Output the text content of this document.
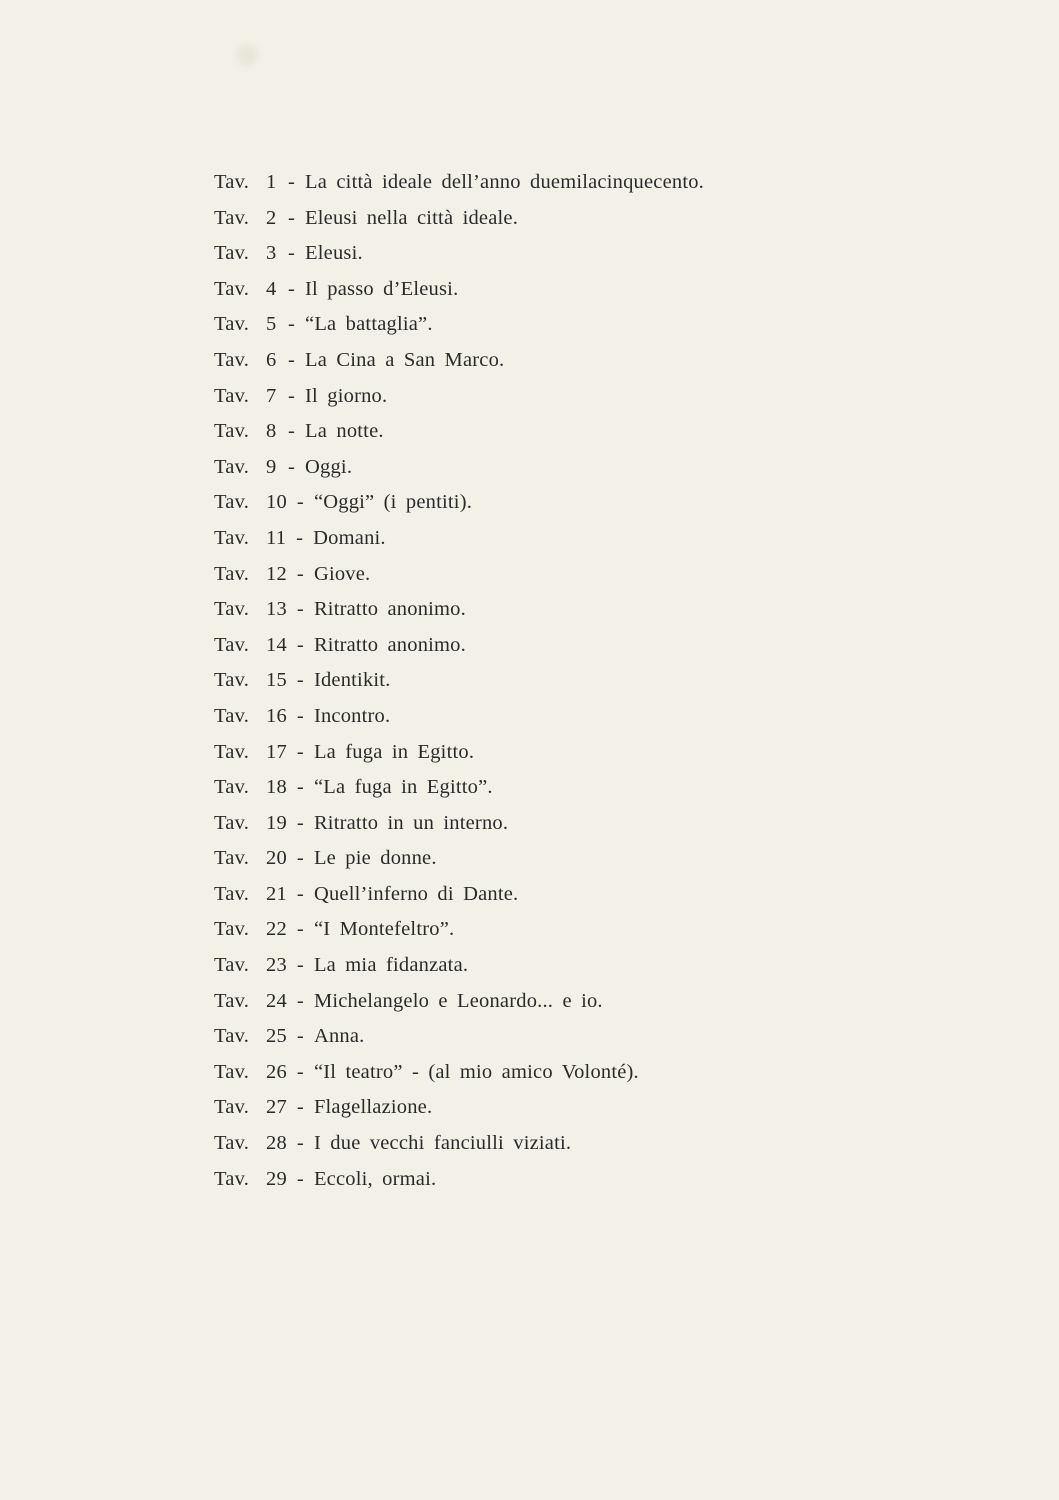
Tav. 1 - La città ideale dell’anno duemilacinquecento.
Tav. 2 - Eleusi nella città ideale.
Tav. 3 - Eleusi.
Tav. 4 - Il passo d’Eleusi.
Tav. 5 - “La battaglia”.
Tav. 6 - La Cina a San Marco.
Tav. 7 - Il giorno.
Tav. 8 - La notte.
Tav. 9 - Oggi.
Tav. 10 - “Oggi” (i pentiti).
Tav. 11 - Domani.
Tav. 12 - Giove.
Tav. 13 - Ritratto anonimo.
Tav. 14 - Ritratto anonimo.
Tav. 15 - Identikit.
Tav. 16 - Incontro.
Tav. 17 - La fuga in Egitto.
Tav. 18 - “La fuga in Egitto”.
Tav. 19 - Ritratto in un interno.
Tav. 20 - Le pie donne.
Tav. 21 - Quell’inferno di Dante.
Tav. 22 - “I Montefeltro”.
Tav. 23 - La mia fidanzata.
Tav. 24 - Michelangelo e Leonardo... e io.
Tav. 25 - Anna.
Tav. 26 - “Il teatro” - (al mio amico Volonté).
Tav. 27 - Flagellazione.
Tav. 28 - I due vecchi fanciulli viziati.
Tav. 29 - Eccoli, ormai.
